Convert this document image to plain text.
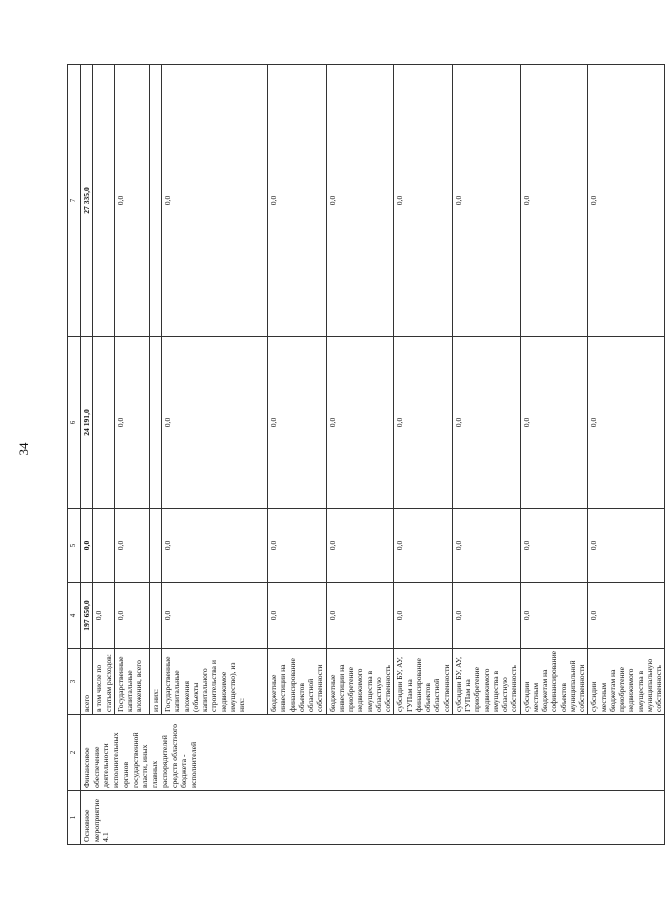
34
1	2	3	4	5	6	7
Основное мероприятие 4.1	Финансовое обеспечение деятельности исполнительных органов государственной власти, иных главных распорядителей средств областного бюджета - исполнителей	всего	197 650,0	0,0	24 191,0	27 335,0
		в том числе по статьям расходов:	0,0			
		Государственные капитальные вложения, всего	0,0	0,0	0,0	0,0
		из них:				
		Государственные капитальные вложения (объекты капитального строительства и недвижимое имущество), из них:	0,0	0,0	0,0	0,0
		бюджетные инвестиции на финансирование объектов областной собственности	0,0	0,0	0,0	0,0
		бюджетные инвестиции на приобретение недвижимого имущества в областную собственность	0,0	0,0	0,0	0,0
		субсидии БУ, АУ, ГУПам на финансирование объектов областной собственности	0,0	0,0	0,0	0,0
		субсидии БУ, АУ, ГУПам на приобретение недвижимого имущества в областную собственность	0,0	0,0	0,0	0,0
		субсидии местным бюджетам на софинансирование объектов муниципальной собственности	0,0	0,0	0,0	0,0
		субсидии местным бюджетам на приобретение недвижимого имущества в муниципальную собственность	0,0	0,0	0,0	0,0
